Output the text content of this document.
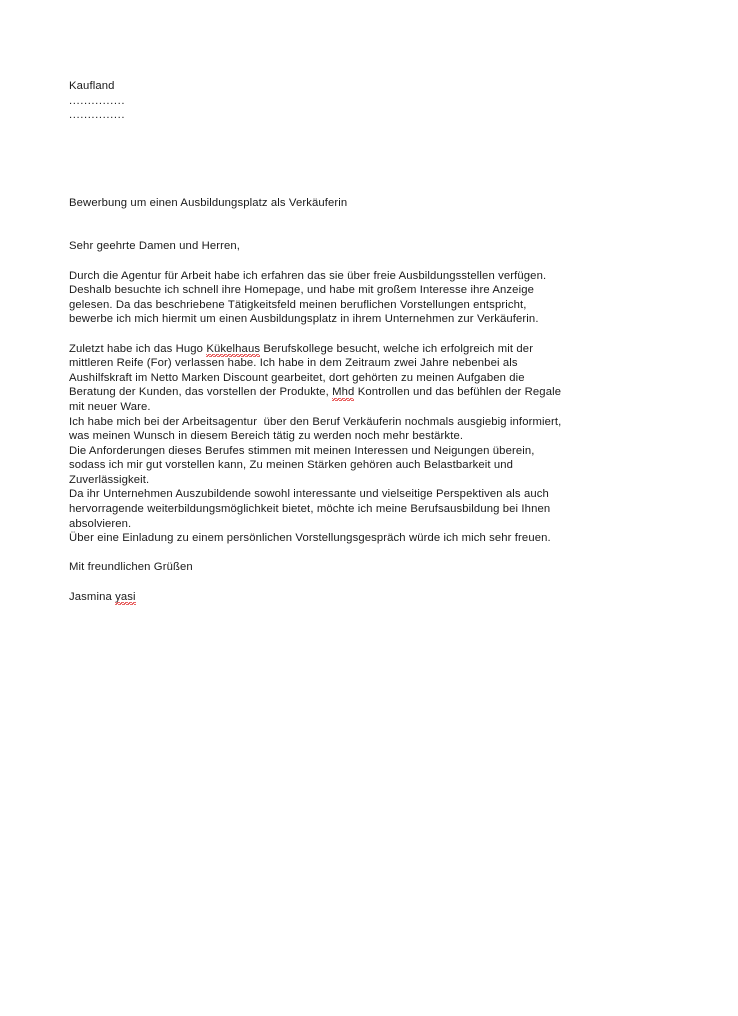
Kaufland
...............
...............
Bewerbung um einen Ausbildungsplatz als Verkäuferin
Sehr geehrte Damen und Herren,
Durch die Agentur für Arbeit habe ich erfahren das sie über freie Ausbildungsstellen verfügen.
Deshalb besuchte ich schnell ihre Homepage, und habe mit großem Interesse ihre Anzeige
gelesen. Da das beschriebene Tätigkeitsfeld meinen beruflichen Vorstellungen entspricht,
bewerbe ich mich hiermit um einen Ausbildungsplatz in ihrem Unternehmen zur Verkäuferin.
Zuletzt habe ich das Hugo Kükelhaus Berufskollege besucht, welche ich erfolgreich mit der
mittleren Reife (For) verlassen habe. Ich habe in dem Zeitraum zwei Jahre nebenbei als
Aushilfskraft im Netto Marken Discount gearbeitet, dort gehörten zu meinen Aufgaben die
Beratung der Kunden, das vorstellen der Produkte, Mhd Kontrollen und das befühlen der Regale
mit neuer Ware.
Ich habe mich bei der Arbeitsagentur  über den Beruf Verkäuferin nochmals ausgiebig informiert,
was meinen Wunsch in diesem Bereich tätig zu werden noch mehr bestärkte.
Die Anforderungen dieses Berufes stimmen mit meinen Interessen und Neigungen überein,
sodass ich mir gut vorstellen kann, Zu meinen Stärken gehören auch Belastbarkeit und
Zuverlässigkeit.
Da ihr Unternehmen Auszubildende sowohl interessante und vielseitige Perspektiven als auch
hervorragende weiterbildungsmöglichkeit bietet, möchte ich meine Berufsausbildung bei Ihnen
absolvieren.
Über eine Einladung zu einem persönlichen Vorstellungsgespräch würde ich mich sehr freuen.
Mit freundlichen Grüßen
Jasmina yasi
